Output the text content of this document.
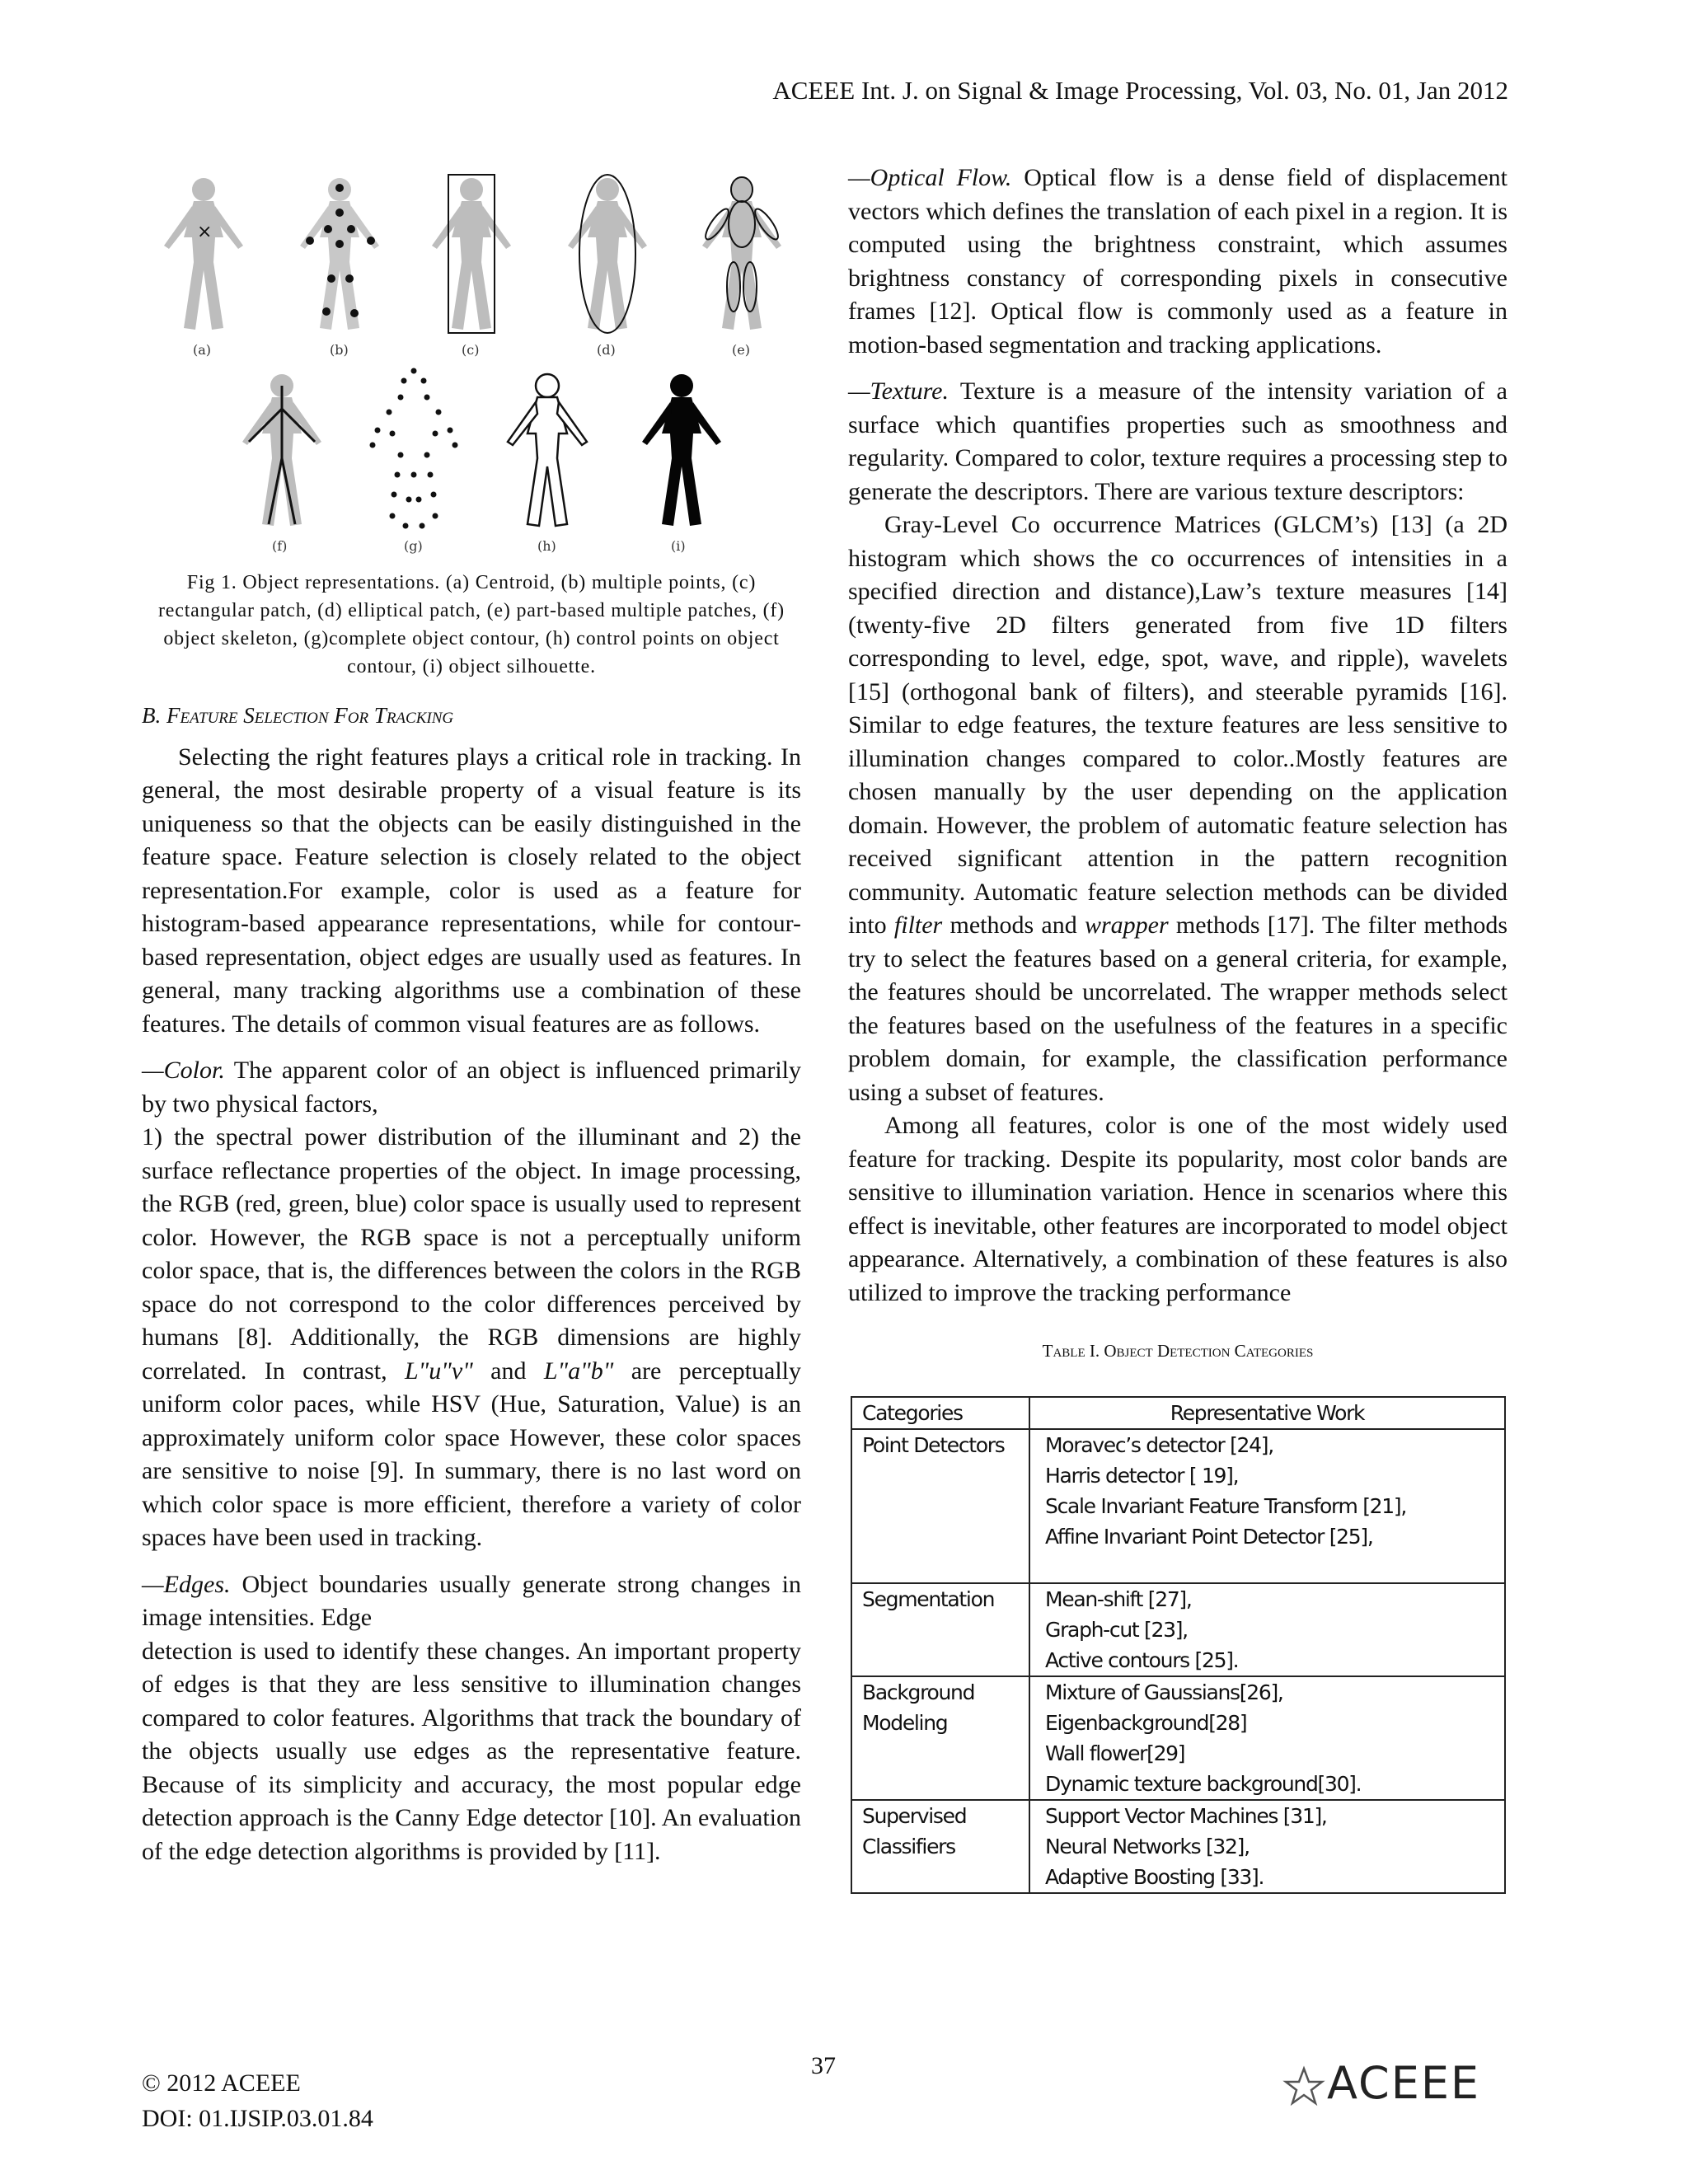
ACEEE Int. J. on Signal & Image Processing, Vol. 03, No. 01, Jan 2012
×
(a)	(b)	(c)	(d)	(e)
(f)	(g)	(h)	(i)

Fig 1. Object representations. (a) Centroid, (b) multiple points, (c) rectangular patch, (d) elliptical patch, (e) part-based multiple patches, (f) object skeleton, (g)complete object contour, (h) control points on object contour, (i) object silhouette.

B. Feature Selection For Tracking

Selecting the right features plays a critical role in tracking. In general, the most desirable property of a visual feature is its uniqueness so that the objects can be easily distinguished in the feature space. Feature selection is closely related to the object representation.For example, color is used as a feature for histogram-based appearance representations, while for contour-based representation, object edges are usually used as features. In general, many tracking algorithms use a combination of these features. The details of common visual features are as follows.

—Color. The apparent color of an object is influenced primarily by two physical factors,

1) the spectral power distribution of the illuminant and 2) the surface reflectance properties of the object. In image processing, the RGB (red, green, blue) color space is usually used to represent color. However, the RGB space is not a perceptually uniform color space, that is, the differences between the colors in the RGB space do not correspond to the color differences perceived by humans [8]. Additionally, the RGB dimensions are highly correlated. In contrast, L"u"v" and L"a"b" are perceptually uniform color paces, while HSV (Hue, Saturation, Value) is an approximately uniform color space However, these color spaces are sensitive to noise [9]. In summary, there is no last word on which color space is more efficient, therefore a variety of color spaces have been used in tracking.

—Edges. Object boundaries usually generate strong changes in image intensities. Edge

detection is used to identify these changes. An important property of edges is that they are less sensitive to illumination changes compared to color features. Algorithms that track the boundary of the objects usually use edges as the representative feature. Because of its simplicity and accuracy, the most popular edge detection approach is the Canny Edge detector [10]. An evaluation of the edge detection algorithms is provided by [11].

—Optical Flow. Optical flow is a dense field of displacement vectors which defines the translation of each pixel in a region. It is computed using the brightness constraint, which assumes brightness constancy of corresponding pixels in consecutive frames [12]. Optical flow is commonly used as a feature in motion-based segmentation and tracking applications.

—Texture. Texture is a measure of the intensity variation of a surface which quantifies properties such as smoothness and regularity. Compared to color, texture requires a processing step to generate the descriptors. There are various texture descriptors:

Gray-Level Co occurrence Matrices (GLCM’s) [13] (a 2D histogram which shows the co occurrences of intensities in a specified direction and distance),Law’s texture measures [14] (twenty-five 2D filters generated from five 1D filters corresponding to level, edge, spot, wave, and ripple), wavelets [15] (orthogonal bank of filters), and steerable pyramids [16]. Similar to edge features, the texture features are less sensitive to illumination changes compared to color..Mostly features are chosen manually by the user depending on the application domain. However, the problem of automatic feature selection has received significant attention in the pattern recognition community. Automatic feature selection methods can be divided into filter methods and wrapper methods [17]. The filter methods try to select the features based on a general criteria, for example, the features should be uncorrelated. The wrapper methods select the features based on the usefulness of the features in a specific problem domain, for example, the classification performance using a subset of features.

Among all features, color is one of the most widely used feature for tracking. Despite its popularity, most color bands are sensitive to illumination variation. Hence in scenarios where this effect is inevitable, other features are incorporated to model object appearance. Alternatively, a combination of these features is also utilized to improve the tracking performance

Table I. Object Detection Categories

Categories	Representative Work
Point Detectors	Moravec’s detector [24],
Harris detector [ 19],
Scale Invariant Feature Transform [21],
Affine Invariant Point Detector [25],

Segmentation	Mean-shift [27],
Graph-cut [23],
Active contours [25].

Background Modeling	Mixture of Gaussians[26],
Eigenbackground[28]
Wall flower[29]
Dynamic texture background[30].

Supervised Classifiers	Support Vector Machines [31],
Neural Networks [32],
Adaptive Boosting [33].
© 2012 ACEEE
DOI: 01.IJSIP.03.01.84
37	ACEEE
